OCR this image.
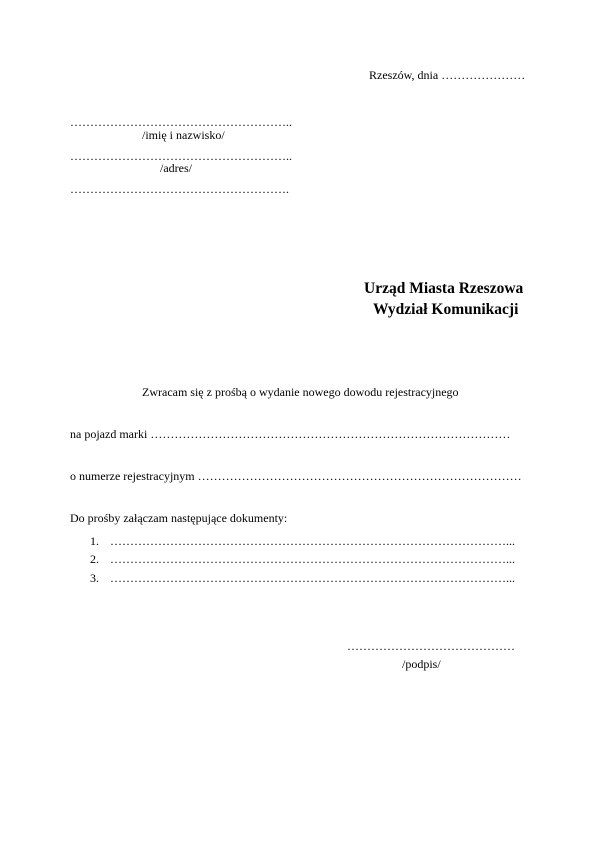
Rzeszów, dnia …………………
………………………………………………..
/imię i nazwisko/
………………………………………………..
/adres/
……………………………………………….
Urząd Miasta Rzeszowa
Wydział Komunikacji
Zwracam się z prośbą o wydanie nowego dowodu rejestracyjnego
na pojazd marki ………………………………………………………………………………
o numerze rejestracyjnym ………………………………………………………………………
Do prośby załączam następujące dokumenty:
1. ………………………………………………………………………………………...
2. ………………………………………………………………………………………...
3. ………………………………………………………………………………………...
……………………………………
/podpis/
